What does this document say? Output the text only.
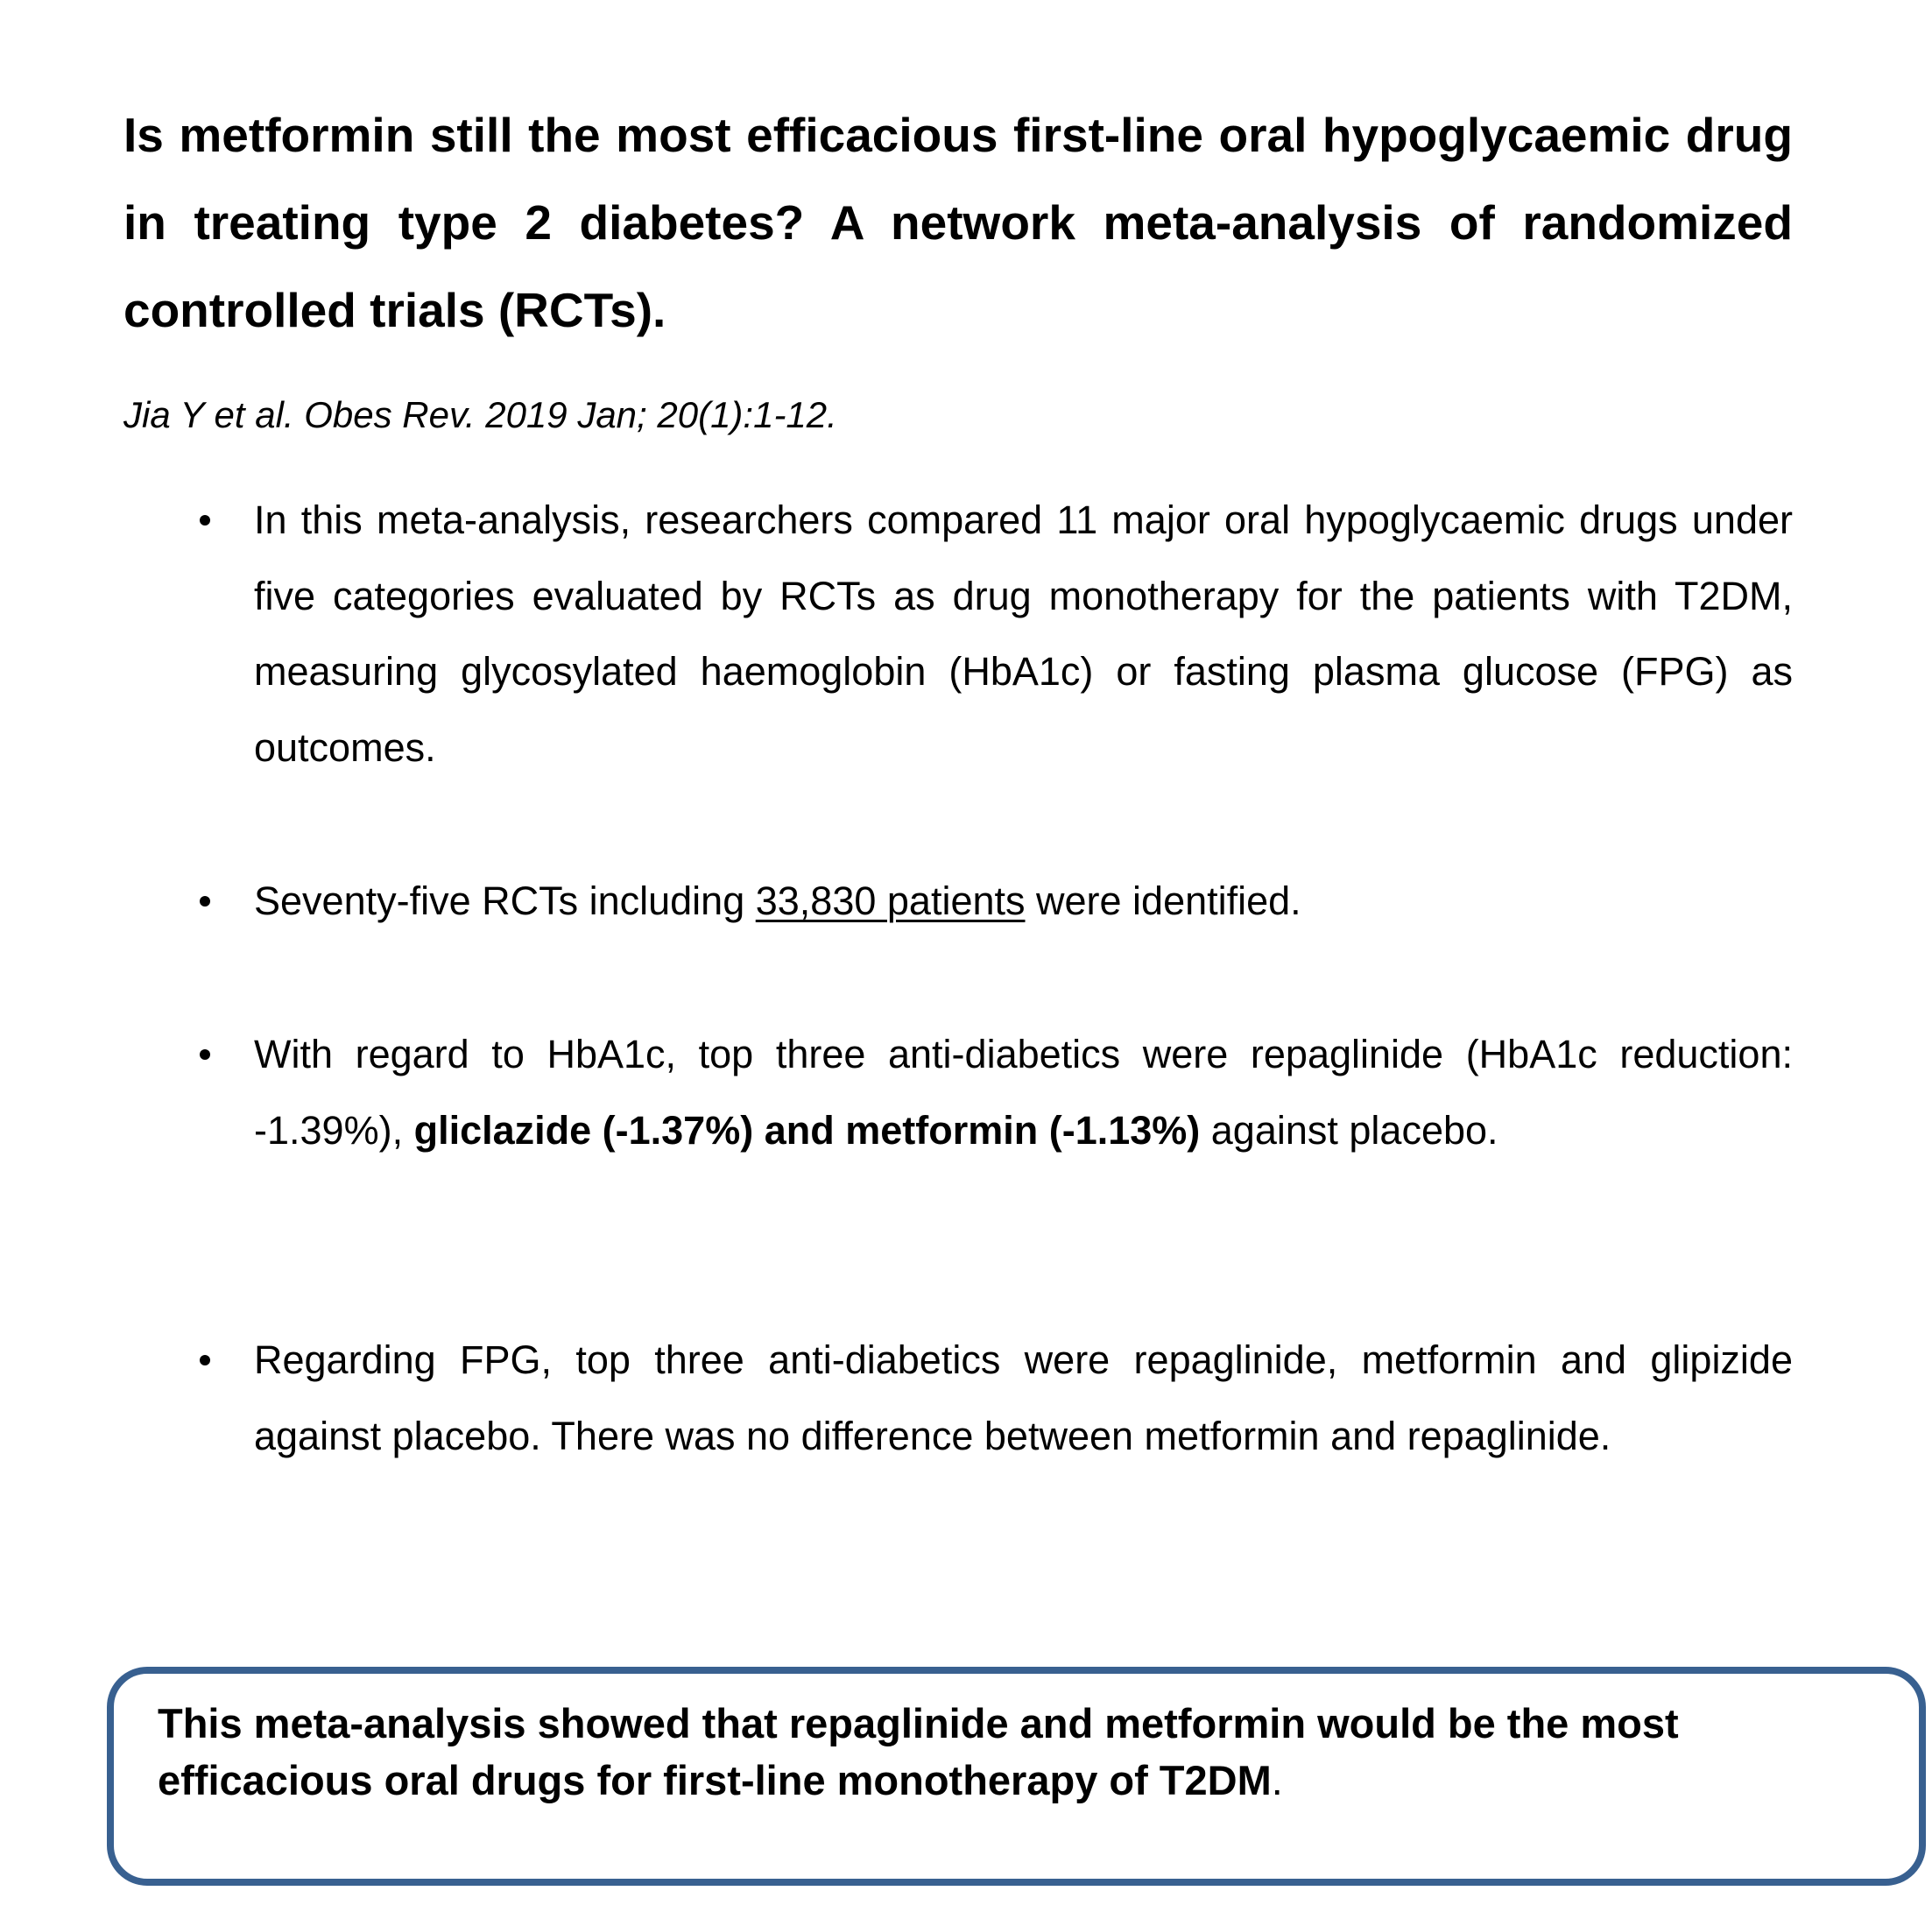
Is metformin still the most efficacious first-line oral hypoglycaemic drug in treating type 2 diabetes? A network meta-analysis of randomized controlled trials (RCTs).
Jia Y et al. Obes Rev. 2019 Jan; 20(1):1-12.
In this meta-analysis, researchers compared 11 major oral hypoglycaemic drugs under five categories evaluated by RCTs as drug monotherapy for the patients with T2DM, measuring glycosylated haemoglobin (HbA1c) or fasting plasma glucose (FPG) as outcomes.
Seventy-five RCTs including 33,830 patients were identified.
With regard to HbA1c, top three anti-diabetics were repaglinide (HbA1c reduction: -1.39%), gliclazide (-1.37%) and metformin (-1.13%) against placebo.
Regarding FPG, top three anti-diabetics were repaglinide, metformin and glipizide against placebo. There was no difference between metformin and repaglinide.
This meta-analysis showed that repaglinide and metformin would be the most efficacious oral drugs for first-line monotherapy of T2DM.
